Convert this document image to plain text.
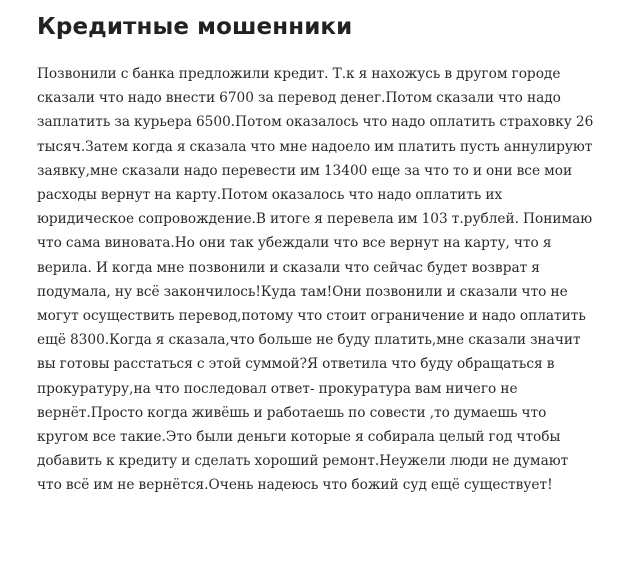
Кредитные мошенники

Позвонили с банка предложили кредит. Т.к я нахожусь в другом городе сказали что надо внести 6700 за перевод денег.Потом сказали что надо заплатить за курьера 6500.Потом оказалось что надо оплатить страховку 26 тысяч.Затем когда я сказала что мне надоело им платить пусть аннулируют заявку,мне сказали надо перевести им 13400 еще за что то и они все мои расходы вернут на карту.Потом оказалось что надо оплатить их юридическое сопровождение.В итоге я перевела им 103 т.рублей. Понимаю что сама виновата.Но они так убеждали что все вернут на карту, что я верила. И когда мне позвонили и сказали что сейчас будет возврат я подумала, ну всё закончилось!Куда там!Они позвонили и сказали что не могут осуществить перевод,потому что стоит ограничение и надо оплатить ещё 8300.Когда я сказала,что больше не буду платить,мне сказали значит вы готовы расстаться с этой суммой?Я ответила что буду обращаться в прокуратуру,на что последовал ответ- прокуратура вам ничего не вернёт.Просто когда живёшь и работаешь по совести ,то думаешь что кругом все такие.Это были деньги которые я собирала целый год чтобы добавить к кредиту и сделать хороший ремонт.Неужели люди не думают что всё им не вернётся.Очень надеюсь что божий суд ещё существует!
